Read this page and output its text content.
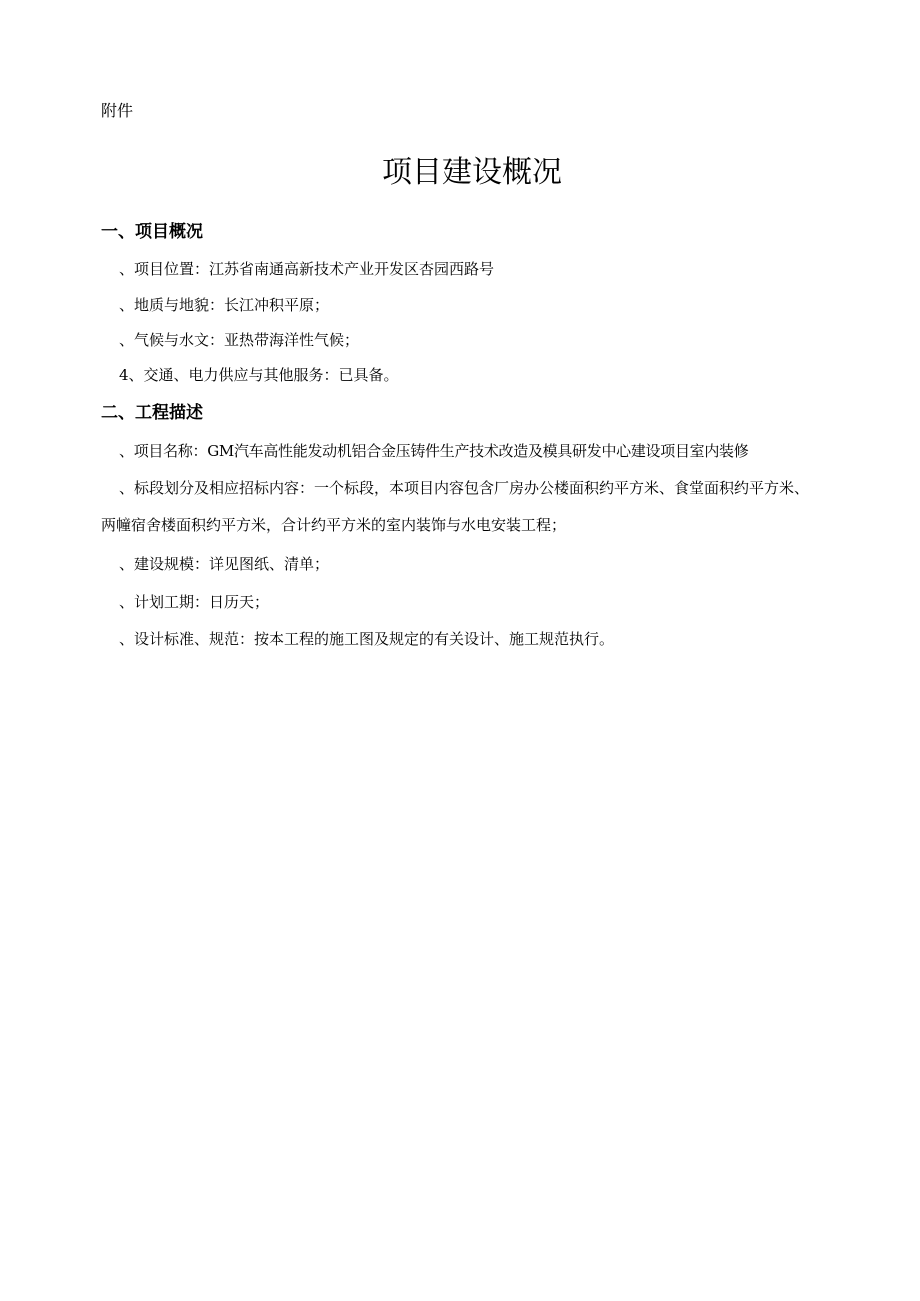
附件
项目建设概况
一、项目概况
、项目位置：江苏省南通高新技术产业开发区杏园西路号
、地质与地貌：长江冲积平原；
、气候与水文：亚热带海洋性气候；
4、交通、电力供应与其他服务：已具备。
二、工程描述
、项目名称：GM汽车高性能发动机铝合金压铸件生产技术改造及模具研发中心建设项目室内装修
、标段划分及相应招标内容：一个标段，本项目内容包含厂房办公楼面积约平方米、食堂面积约平方米、两幢宿舍楼面积约平方米，合计约平方米的室内装饰与水电安装工程；
、建设规模：详见图纸、清单；
、计划工期：日历天；
、设计标准、规范：按本工程的施工图及规定的有关设计、施工规范执行。
